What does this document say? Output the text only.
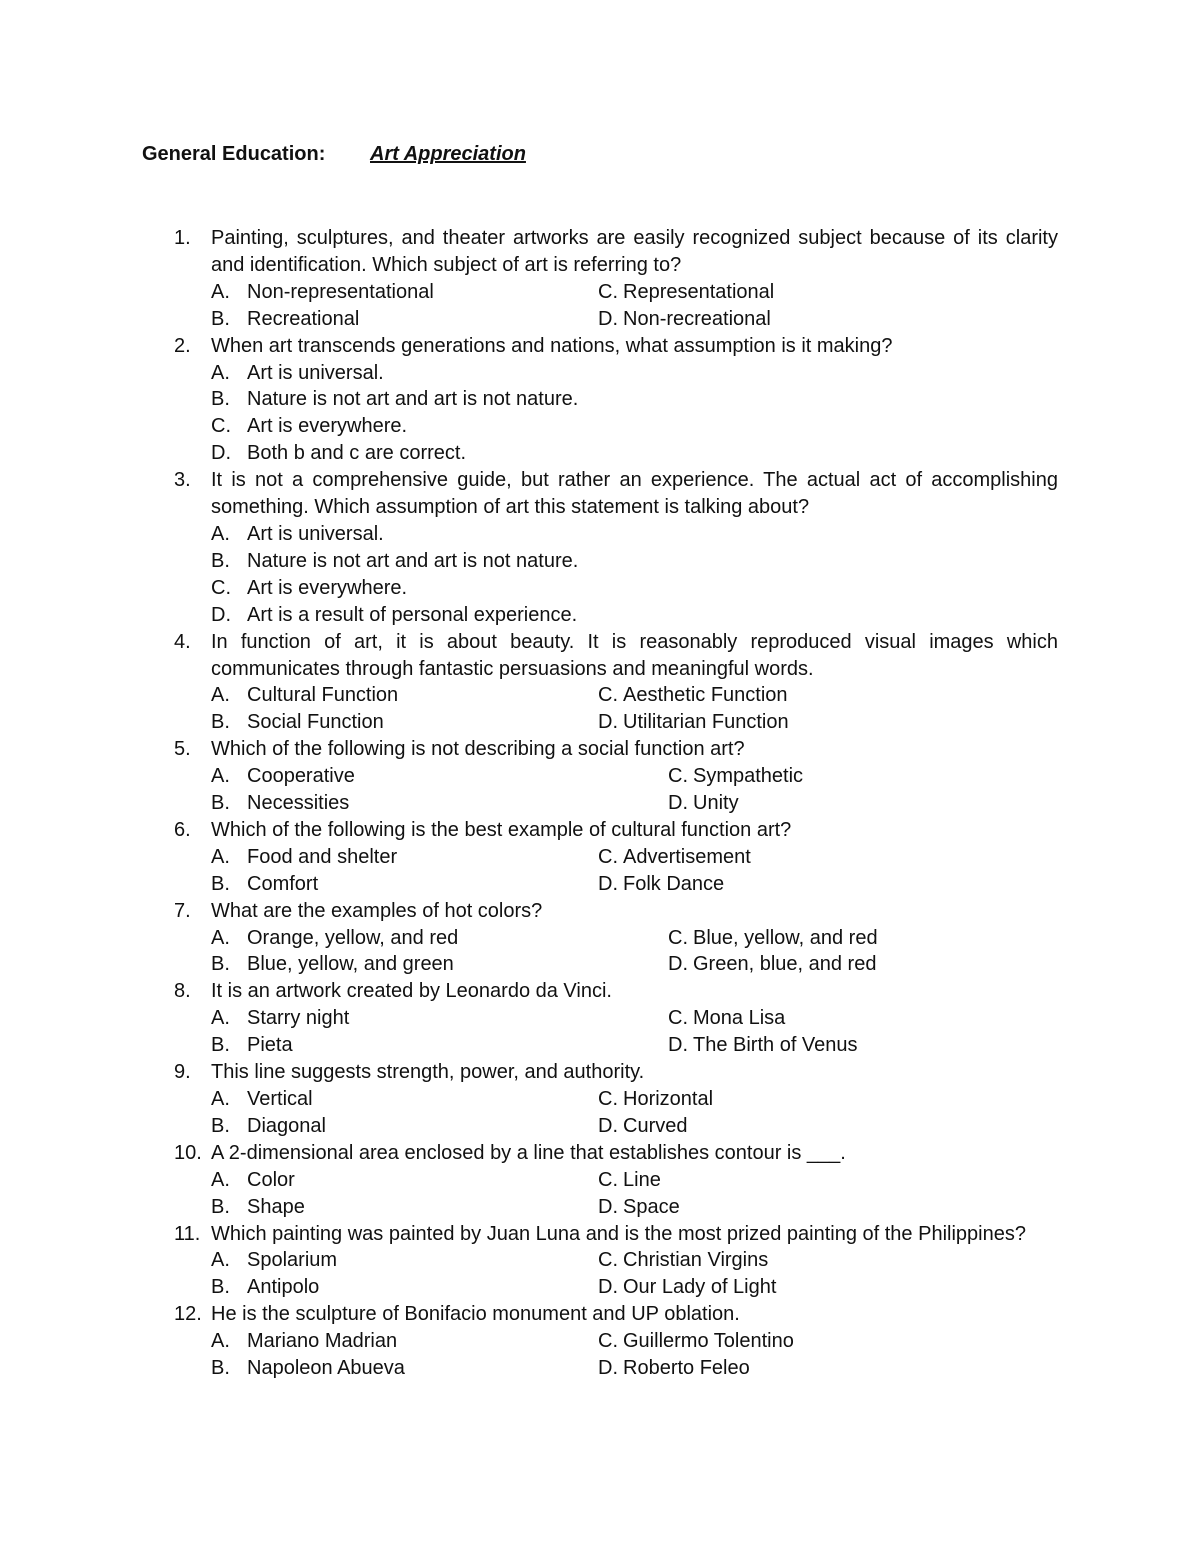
General Education: Art Appreciation
1.	Painting, sculptures, and theater artworks are easily recognized subject because of its clarity and identification. Which subject of art is referring to?
A. Non-representational	C. Representational
B. Recreational	D. Non-recreational
2.	When art transcends generations and nations, what assumption is it making?
A. Art is universal.
B. Nature is not art and art is not nature.
C. Art is everywhere.
D. Both b and c are correct.
3.	It is not a comprehensive guide, but rather an experience. The actual act of accomplishing something. Which assumption of art this statement is talking about?
A. Art is universal.
B. Nature is not art and art is not nature.
C. Art is everywhere.
D. Art is a result of personal experience.
4.	In function of art, it is about beauty. It is reasonably reproduced visual images which communicates through fantastic persuasions and meaningful words.
A. Cultural Function	C. Aesthetic Function
B. Social Function	D. Utilitarian Function
5.	Which of the following is not describing a social function art?
A. Cooperative	C. Sympathetic
B. Necessities	D. Unity
6.	Which of the following is the best example of cultural function art?
A. Food and shelter	C. Advertisement
B. Comfort	D. Folk Dance
7.	What are the examples of hot colors?
A. Orange, yellow, and red	C. Blue, yellow, and red
B. Blue, yellow, and green	D. Green, blue, and red
8.	It is an artwork created by Leonardo da Vinci.
A. Starry night	C. Mona Lisa
B. Pieta	D. The Birth of Venus
9.	This line suggests strength, power, and authority.
A. Vertical	C. Horizontal
B. Diagonal	D. Curved
10. A 2-dimensional area enclosed by a line that establishes contour is ___.
A. Color	C. Line
B. Shape	D. Space
11. Which painting was painted by Juan Luna and is the most prized painting of the Philippines?
A. Spolarium	C. Christian Virgins
B. Antipolo	D. Our Lady of Light
12. He is the sculpture of Bonifacio monument and UP oblation.
A. Mariano Madrian	C. Guillermo Tolentino
B. Napoleon Abueva	D. Roberto Feleo
